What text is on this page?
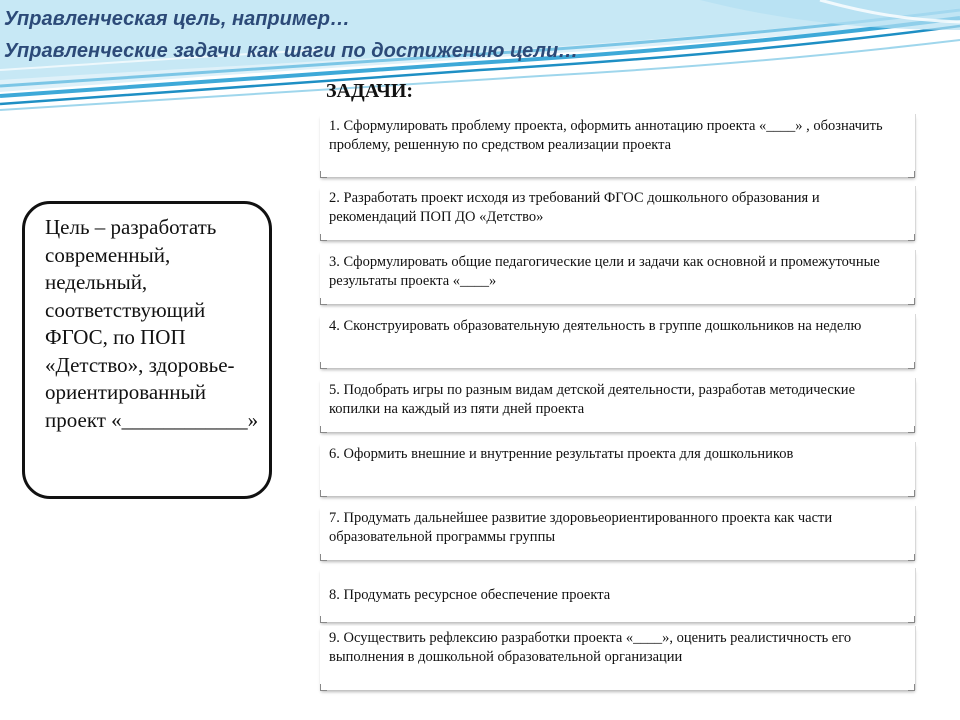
Управленческая цель, например…
Управленческие задачи как шаги по достижению цели…
ЗАДАЧИ:
Цель – разработать современный, недельный, соответствующий ФГОС, по ПОП «Детство», здоровье-ориентированный проект «____________»
1. Сформулировать проблему проекта, оформить аннотацию проекта «____» , обозначить проблему, решенную по средством реализации проекта
2. Разработать проект исходя из требований ФГОС дошкольного образования и рекомендаций ПОП ДО «Детство»
3. Сформулировать общие педагогические цели и задачи как основной и промежуточные результаты проекта «____»
4. Сконструировать образовательную деятельность в группе дошкольников на неделю
5. Подобрать игры по разным видам детской деятельности, разработав методические копилки на каждый из пяти дней проекта
6. Оформить внешние и внутренние результаты проекта для дошкольников
7. Продумать дальнейшее развитие здоровьеориентированного проекта как части образовательной программы группы
8. Продумать ресурсное обеспечение проекта
9. Осуществить рефлексию разработки проекта «____», оценить реалистичность его выполнения в дошкольной образовательной организации
